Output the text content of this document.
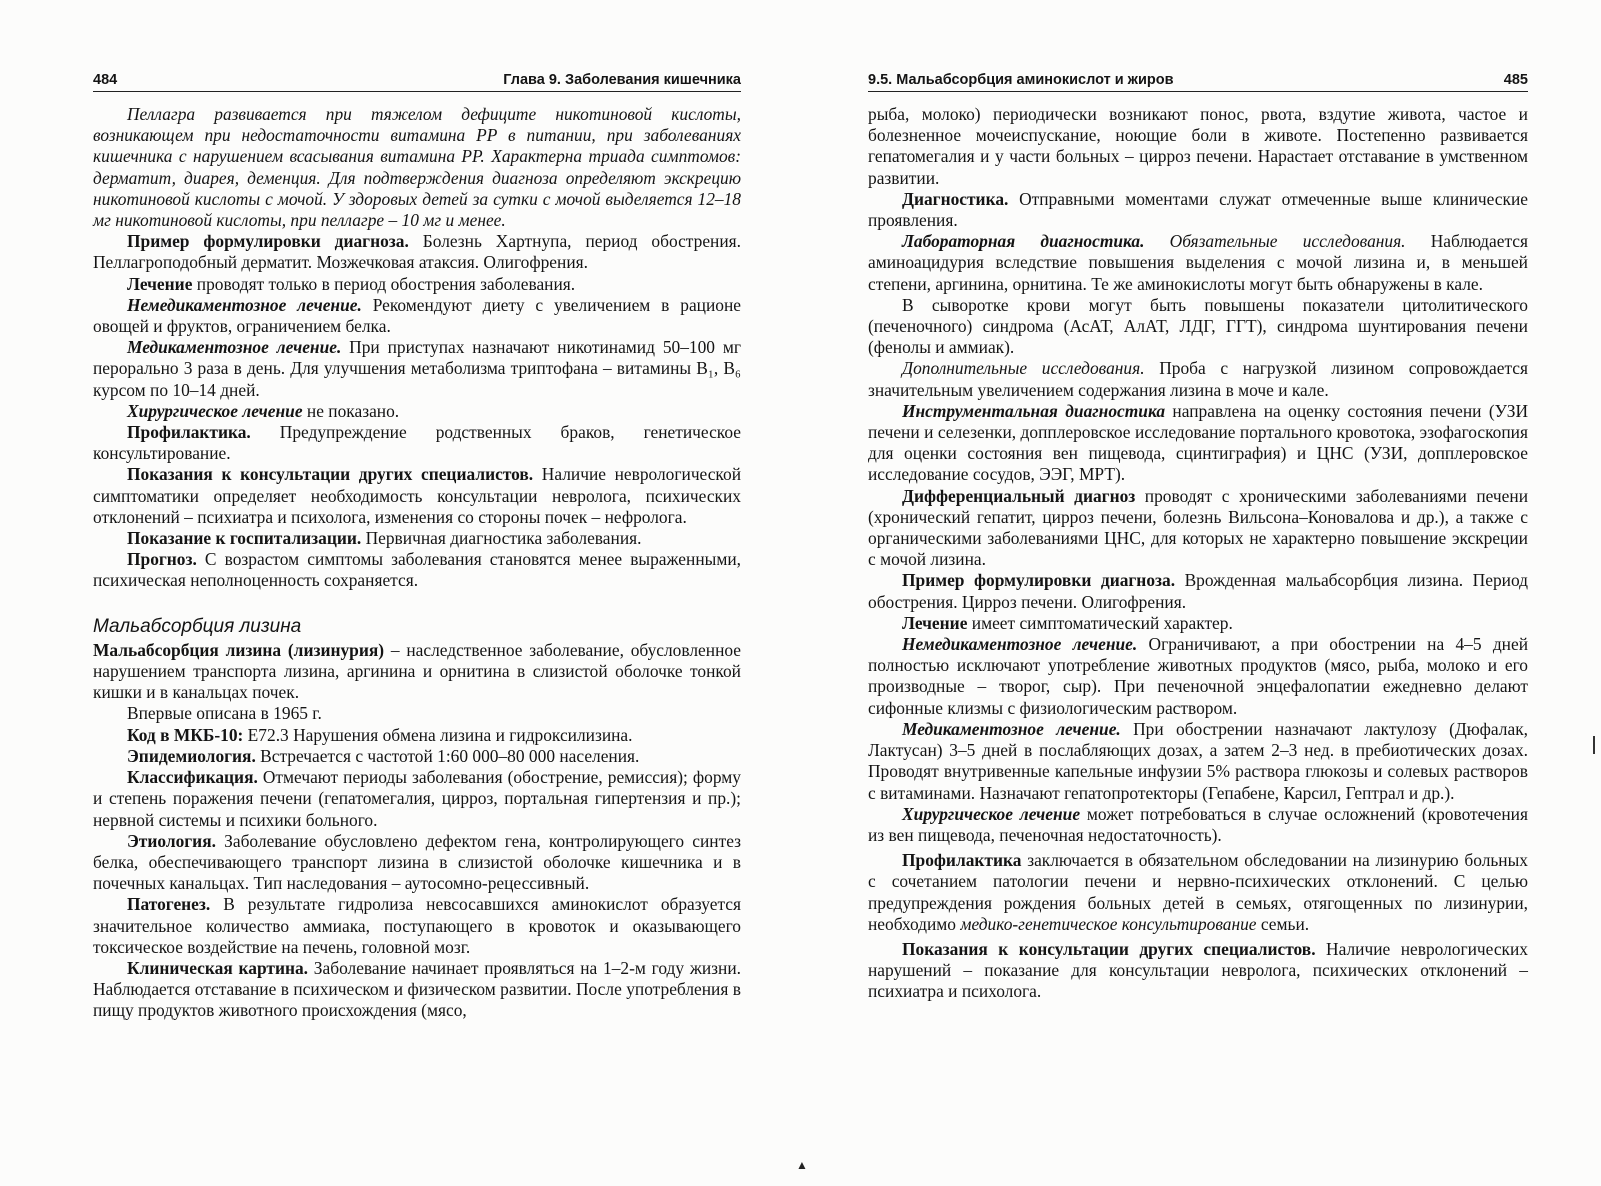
484	Глава 9. Заболевания кишечника

Пеллагра развивается при тяжелом дефиците никотиновой кислоты, возникающем при недостаточности витамина PP в питании, при заболеваниях кишечника с нарушением всасывания витамина PP. Характерна триада симптомов: дерматит, диарея, деменция. Для подтверждения диагноза определяют экскрецию никотиновой кислоты с мочой. У здоровых детей за сутки с мочой выделяется 12–18 мг никотиновой кислоты, при пеллагре – 10 мг и менее.

Пример формулировки диагноза. Болезнь Хартнупа, период обострения. Пеллагроподобный дерматит. Мозжечковая атаксия. Олигофрения.

Лечение проводят только в период обострения заболевания.

Немедикаментозное лечение. Рекомендуют диету с увеличением в рационе овощей и фруктов, ограничением белка.

Медикаментозное лечение. При приступах назначают никотинамид 50–100 мг перорально 3 раза в день. Для улучшения метаболизма триптофана – витамины B₁, B₆ курсом по 10–14 дней.

Хирургическое лечение не показано.

Профилактика. Предупреждение родственных браков, генетическое консультирование.

Показания к консультации других специалистов. Наличие неврологической симптоматики определяет необходимость консультации невролога, психических отклонений – психиатра и психолога, изменения со стороны почек – нефролога.

Показание к госпитализации. Первичная диагностика заболевания.

Прогноз. С возрастом симптомы заболевания становятся менее выраженными, психическая неполноценность сохраняется.

Мальабсорбция лизина

Мальабсорбция лизина (лизинурия) – наследственное заболевание, обусловленное нарушением транспорта лизина, аргинина и орнитина в слизистой оболочке тонкой кишки и в канальцах почек.

Впервые описана в 1965 г.

Код в МКБ-10: E72.3 Нарушения обмена лизина и гидроксилизина.

Эпидемиология. Встречается с частотой 1:60 000–80 000 населения.

Классификация. Отмечают периоды заболевания (обострение, ремиссия); форму и степень поражения печени (гепатомегалия, цирроз, портальная гипертензия и пр.); нервной системы и психики больного.

Этиология. Заболевание обусловлено дефектом гена, контролирующего синтез белка, обеспечивающего транспорт лизина в слизистой оболочке кишечника и в почечных канальцах. Тип наследования – аутосомно-рецессивный.

Патогенез. В результате гидролиза невсосавшихся аминокислот образуется значительное количество аммиака, поступающего в кровоток и оказывающего токсическое воздействие на печень, головной мозг.

Клиническая картина. Заболевание начинает проявляться на 1–2-м году жизни. Наблюдается отставание в психическом и физическом развитии. После употребления в пищу продуктов животного происхождения (мясо,

9.5. Мальабсорбция аминокислот и жиров	485

рыба, молоко) периодически возникают понос, рвота, вздутие живота, частое и болезненное мочеиспускание, ноющие боли в животе. Постепенно развивается гепатомегалия и у части больных – цирроз печени. Нарастает отставание в умственном развитии.

Диагностика. Отправными моментами служат отмеченные выше клинические проявления.

Лабораторная диагностика. Обязательные исследования. Наблюдается аминоацидурия вследствие повышения выделения с мочой лизина и, в меньшей степени, аргинина, орнитина. Те же аминокислоты могут быть обнаружены в кале.

В сыворотке крови могут быть повышены показатели цитолитического (печеночного) синдрома (АсАТ, АлАТ, ЛДГ, ГГТ), синдрома шунтирования печени (фенолы и аммиак).

Дополнительные исследования. Проба с нагрузкой лизином сопровождается значительным увеличением содержания лизина в моче и кале.

Инструментальная диагностика направлена на оценку состояния печени (УЗИ печени и селезенки, допплеровское исследование портального кровотока, эзофагоскопия для оценки состояния вен пищевода, сцинтиграфия) и ЦНС (УЗИ, допплеровское исследование сосудов, ЭЭГ, МРТ).

Дифференциальный диагноз проводят с хроническими заболеваниями печени (хронический гепатит, цирроз печени, болезнь Вильсона–Коновалова и др.), а также с органическими заболеваниями ЦНС, для которых не характерно повышение экскреции с мочой лизина.

Пример формулировки диагноза. Врожденная мальабсорбция лизина. Период обострения. Цирроз печени. Олигофрения.

Лечение имеет симптоматический характер.

Немедикаментозное лечение. Ограничивают, а при обострении на 4–5 дней полностью исключают употребление животных продуктов (мясо, рыба, молоко и его производные – творог, сыр). При печеночной энцефалопатии ежедневно делают сифонные клизмы с физиологическим раствором.

Медикаментозное лечение. При обострении назначают лактулозу (Дюфалак, Лактусан) 3–5 дней в послабляющих дозах, а затем 2–3 нед. в пребиотических дозах. Проводят внутривенные капельные инфузии 5% раствора глюкозы и солевых растворов с витаминами. Назначают гепатопротекторы (Гепабене, Карсил, Гептрал и др.).

Хирургическое лечение может потребоваться в случае осложнений (кровотечения из вен пищевода, печеночная недостаточность).

Профилактика заключается в обязательном обследовании на лизинурию больных с сочетанием патологии печени и нервно-психических отклонений. С целью предупреждения рождения больных детей в семьях, отягощенных по лизинурии, необходимо медико-генетическое консультирование семьи.

Показания к консультации других специалистов. Наличие неврологических нарушений – показание для консультации невролога, психических отклонений – психиатра и психолога.

▲
